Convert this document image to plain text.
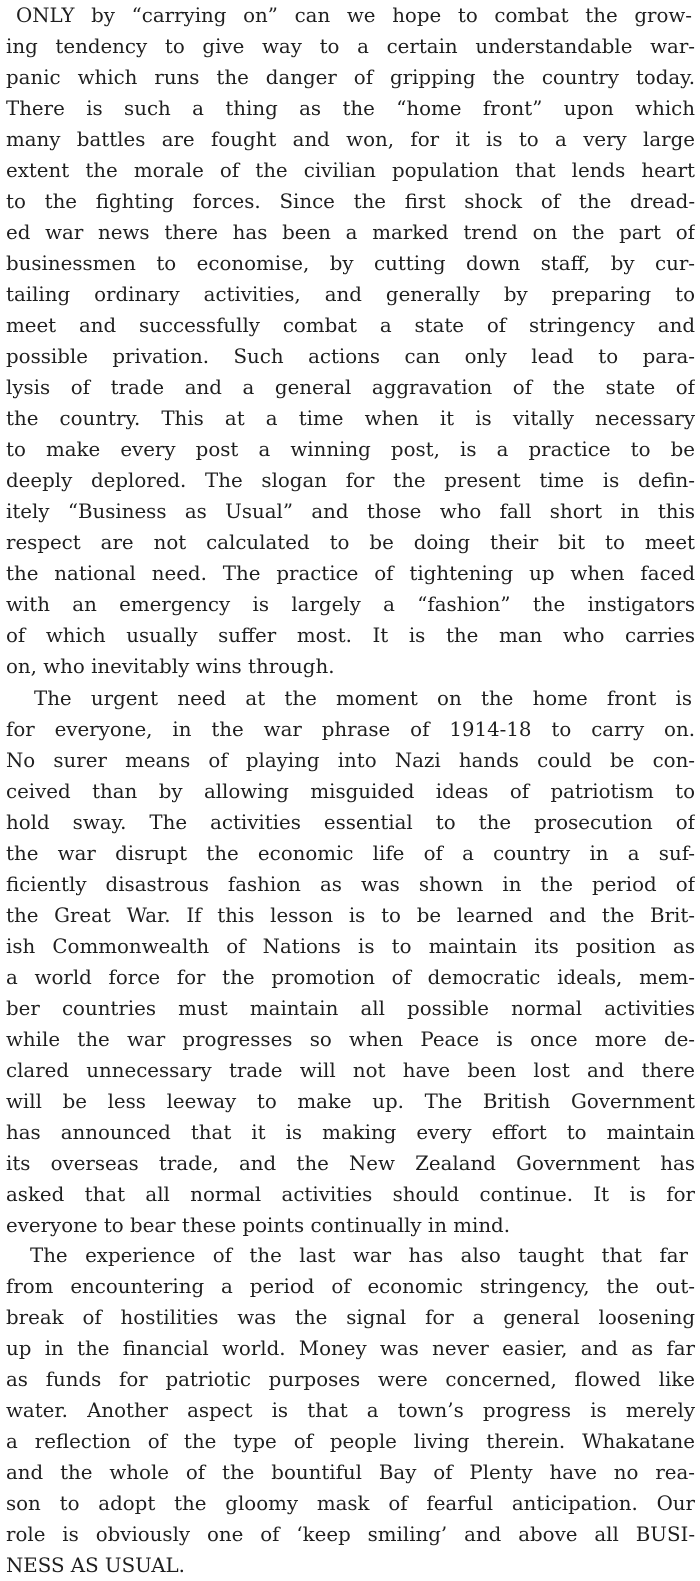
ONLY by “carrying on” can we hope to combat the grow-
ing tendency to give way to a certain understandable war-
panic which runs the danger of gripping the country today.
There is such a thing as the “home front” upon which
many battles are fought and won, for it is to a very large
extent the morale of the civilian population that lends heart
to the fighting forces. Since the first shock of the dread-
ed war news there has been a marked trend on the part of
businessmen to economise, by cutting down staff, by cur-
tailing ordinary activities, and generally by preparing to
meet and successfully combat a state of stringency and
possible privation. Such actions can only lead to para-
lysis of trade and a general aggravation of the state of
the country. This at a time when it is vitally necessary
to make every post a winning post, is a practice to be
deeply deplored. The slogan for the present time is defin-
itely “Business as Usual” and those who fall short in this
respect are not calculated to be doing their bit to meet
the national need. The practice of tightening up when faced
with an emergency is largely a “fashion” the instigators
of which usually suffer most. It is the man who carries
on, who inevitably wins through.
The urgent need at the moment on the home front is
for everyone, in the war phrase of 1914-18 to carry on.
No surer means of playing into Nazi hands could be con-
ceived than by allowing misguided ideas of patriotism to
hold sway. The activities essential to the prosecution of
the war disrupt the economic life of a country in a suf-
ficiently disastrous fashion as was shown in the period of
the Great War. If this lesson is to be learned and the Brit-
ish Commonwealth of Nations is to maintain its position as
a world force for the promotion of democratic ideals, mem-
ber countries must maintain all possible normal activities
while the war progresses so when Peace is once more de-
clared unnecessary trade will not have been lost and there
will be less leeway to make up. The British Government
has announced that it is making every effort to maintain
its overseas trade, and the New Zealand Government has
asked that all normal activities should continue. It is for
everyone to bear these points continually in mind.
The experience of the last war has also taught that far
from encountering a period of economic stringency, the out-
break of hostilities was the signal for a general loosening
up in the financial world. Money was never easier, and as far
as funds for patriotic purposes were concerned, flowed like
water. Another aspect is that a town’s progress is merely
a reflection of the type of people living therein. Whakatane
and the whole of the bountiful Bay of Plenty have no rea-
son to adopt the gloomy mask of fearful anticipation. Our
role is obviously one of ‘keep smiling’ and above all BUSI-
NESS AS USUAL.
